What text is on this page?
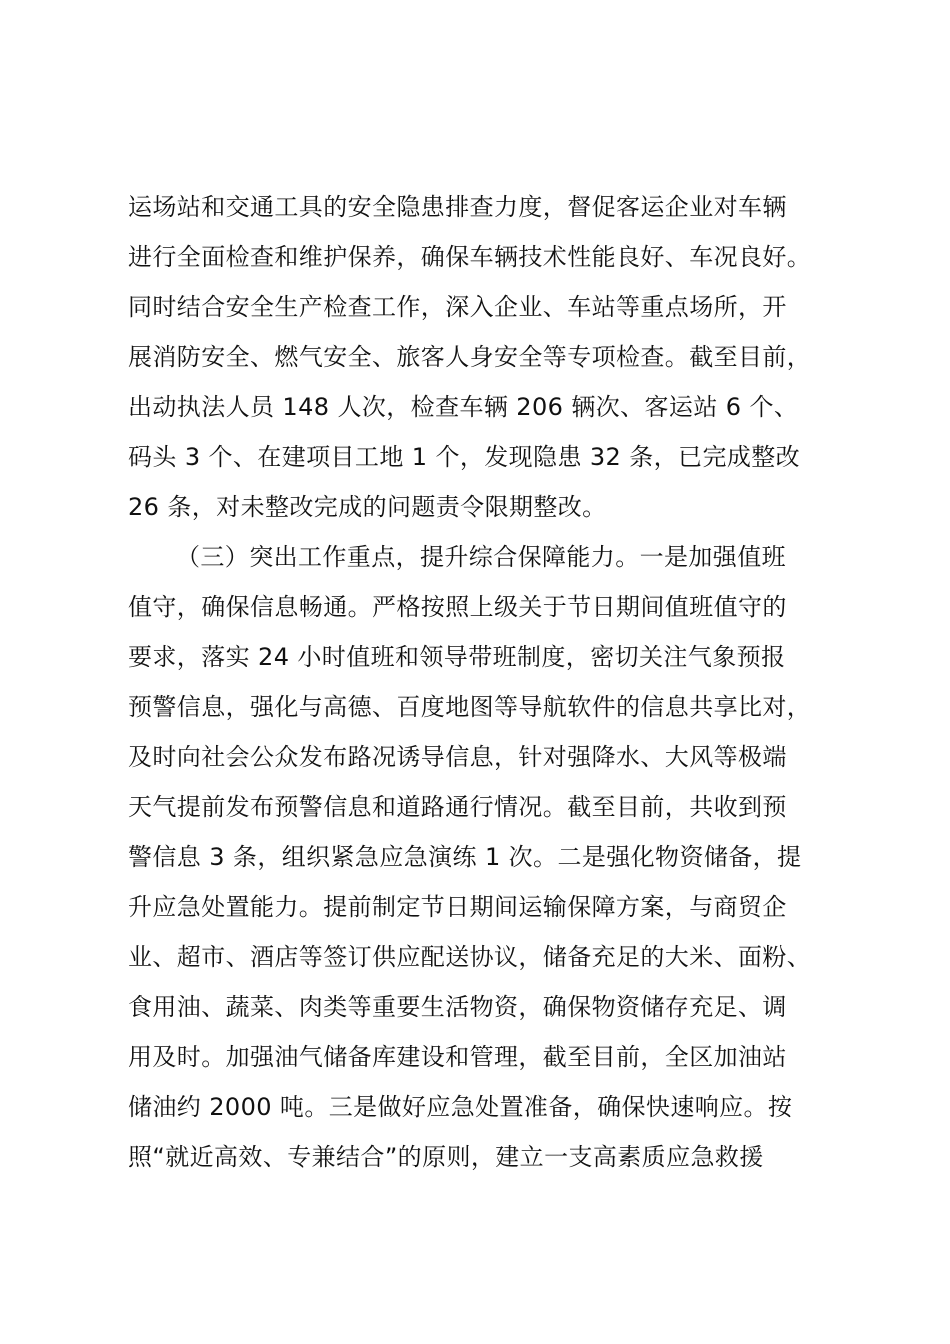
运场站和交通工具的安全隐患排查力度，督促客运企业对车辆
进行全面检查和维护保养，确保车辆技术性能良好、车况良好。
同时结合安全生产检查工作，深入企业、车站等重点场所，开
展消防安全、燃气安全、旅客人身安全等专项检查。截至目前，
出动执法人员 148 人次，检查车辆 206 辆次、客运站 6 个、
码头 3 个、在建项目工地 1 个，发现隐患 32 条，已完成整改
26 条，对未整改完成的问题责令限期整改。
（三）突出工作重点，提升综合保障能力。一是加强值班
值守，确保信息畅通。严格按照上级关于节日期间值班值守的
要求，落实 24 小时值班和领导带班制度，密切关注气象预报
预警信息，强化与高德、百度地图等导航软件的信息共享比对，
及时向社会公众发布路况诱导信息，针对强降水、大风等极端
天气提前发布预警信息和道路通行情况。截至目前，共收到预
警信息 3 条，组织紧急应急演练 1 次。二是强化物资储备，提
升应急处置能力。提前制定节日期间运输保障方案，与商贸企
业、超市、酒店等签订供应配送协议，储备充足的大米、面粉、
食用油、蔬菜、肉类等重要生活物资，确保物资储存充足、调
用及时。加强油气储备库建设和管理，截至目前，全区加油站
储油约 2000 吨。三是做好应急处置准备，确保快速响应。按
照“就近高效、专兼结合”的原则，建立一支高素质应急救援
